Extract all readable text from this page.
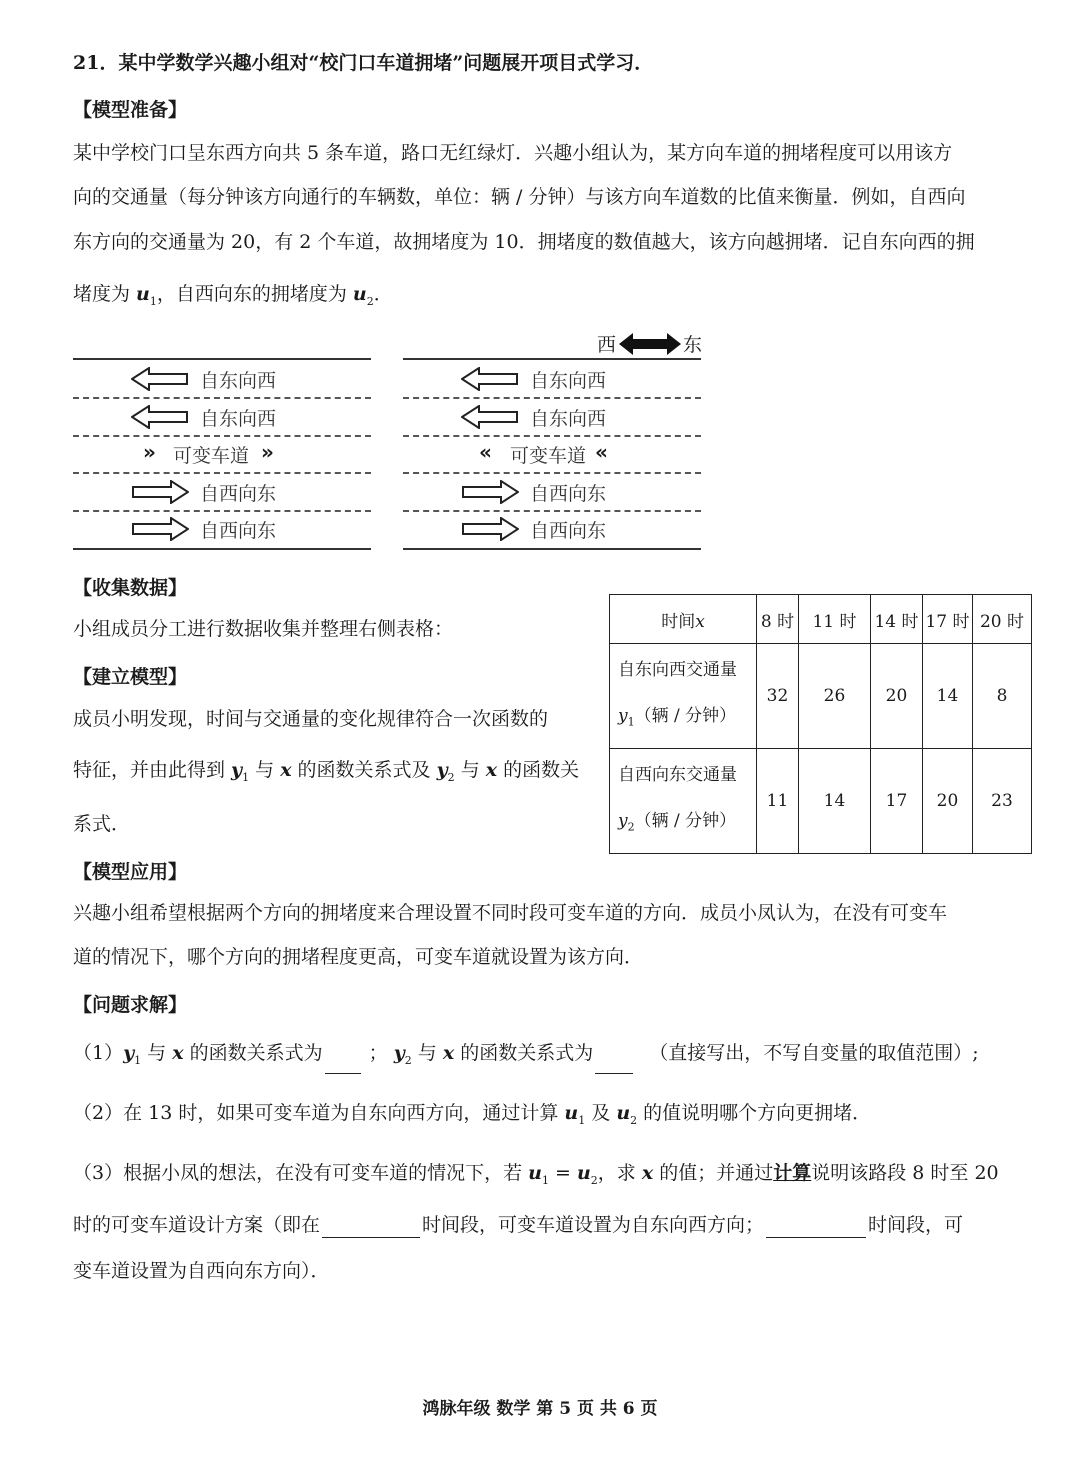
21．某中学数学兴趣小组对“校门口车道拥堵”问题展开项目式学习．
【模型准备】
某中学校门口呈东西方向共 5 条车道，路口无红绿灯．兴趣小组认为，某方向车道的拥堵程度可以用该方
向的交通量（每分钟该方向通行的车辆数，单位：辆 / 分钟）与该方向车道数的比值来衡量．例如，自西向
东方向的交通量为 20，有 2 个车道，故拥堵度为 10．拥堵度的数值越大，该方向越拥堵．记自东向西的拥
堵度为 $u_1$，自西向东的拥堵度为 $u_2$．
西	东
自东向西
自东向西
» 可变车道 »
自西向东
自西向东
自东向西
自东向西
« 可变车道 «
自西向东
自西向东
【收集数据】
小组成员分工进行数据收集并整理右侧表格：
【建立模型】
成员小明发现，时间与交通量的变化规律符合一次函数的
特征，并由此得到 $y_1$ 与 x 的函数关系式及 $y_2$ 与 x 的函数关
系式．
时间x	8 时	11 时	14 时	17 时	20 时

自东向西交通量
$y_1$（辆 / 分钟）	32	26	20	14	8

自西向东交通量
$y_2$（辆 / 分钟）	11	14	17	20	23
【模型应用】
兴趣小组希望根据两个方向的拥堵度来合理设置不同时段可变车道的方向．成员小凤认为，在没有可变车
道的情况下，哪个方向的拥堵程度更高，可变车道就设置为该方向．
【问题求解】
$(1)y_1$ 与 x 的函数关系式为 ； $y_2$ 与 x 的函数关系式为	（直接写出，不写自变量的取值范围）;
（2）在 13 时，如果可变车道为自东向西方向，通过计算 $u_1$ 及 $u_2$ 的值说明哪个方向更拥堵．
（3）根据小凤的想法，在没有可变车道的情况下，若 $u_1 = u_2$，求 x 的值；并通过计算说明该路段 8 时至 20
时的可变车道设计方案（即在	时间段，可变车道设置为自东向西方向；	时间段，可
变车道设置为自西向东方向）．
鸿脉年级 数学 第 5 页 共 6 页
